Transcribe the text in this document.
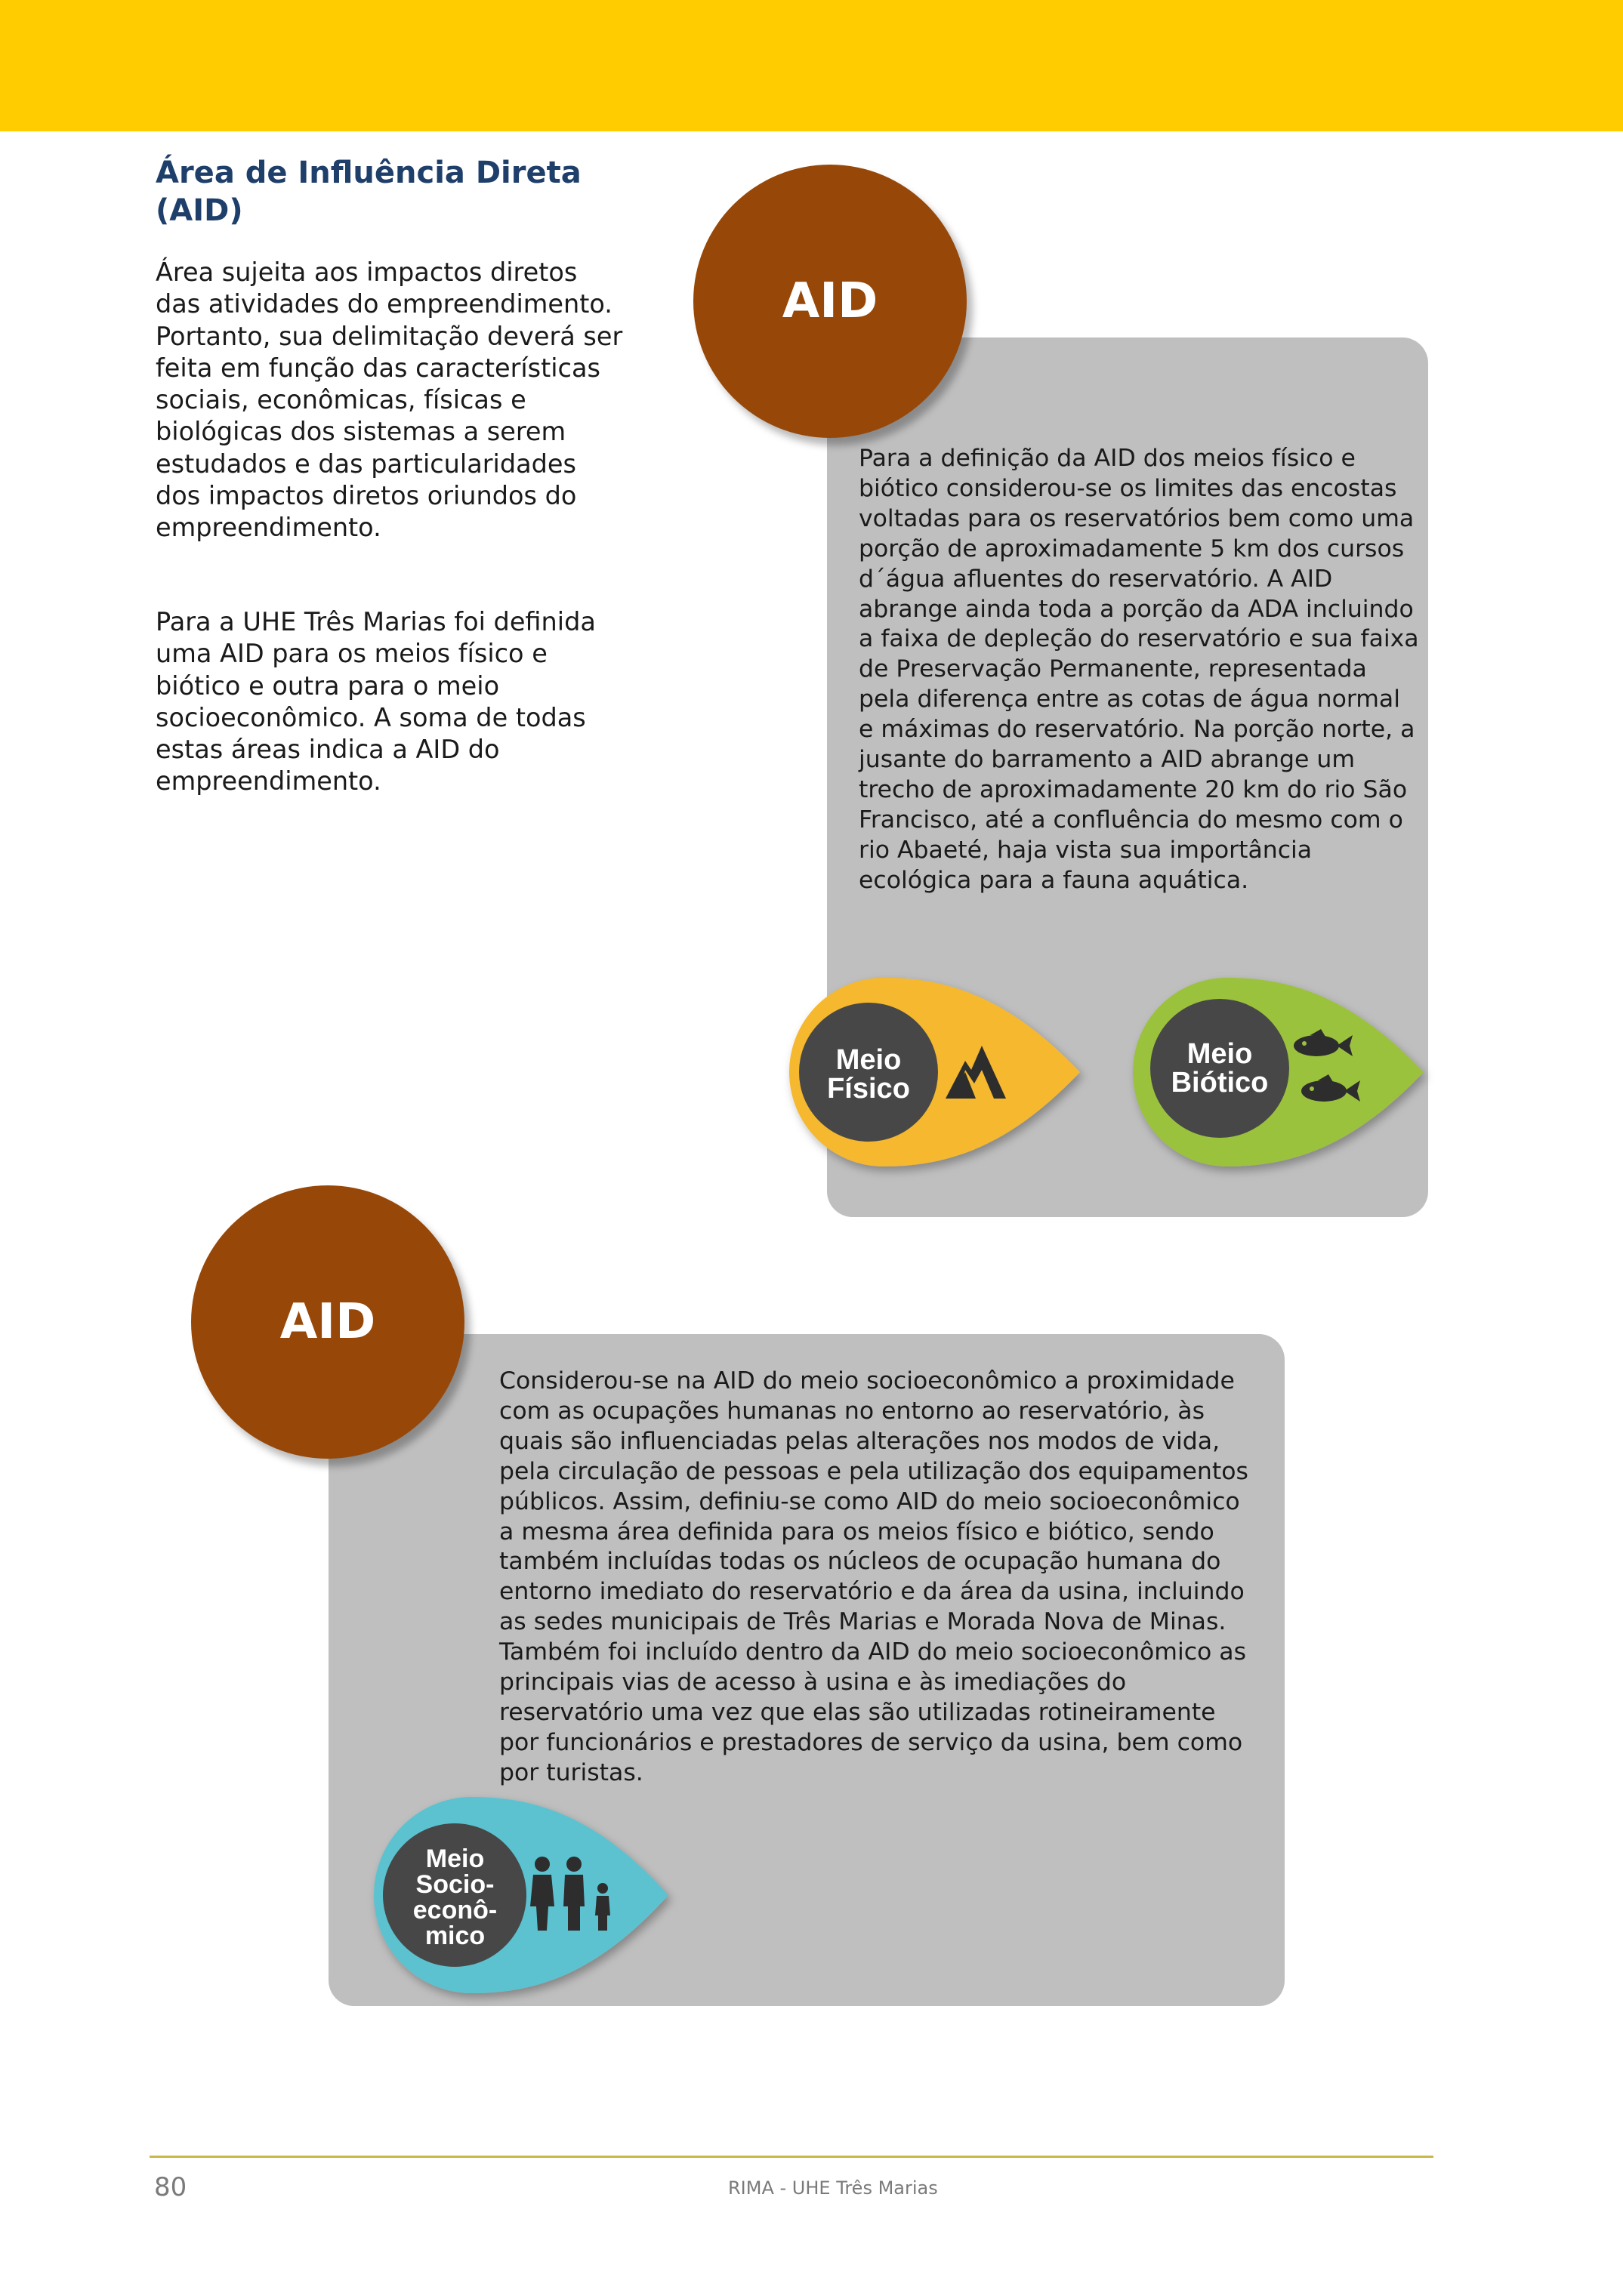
Área de Influência Direta (AID)

Área sujeita aos impactos diretos das atividades do empreendimento. Portanto, sua delimitação deverá ser feita em função das características sociais, econômicas, físicas e biológicas dos sistemas a serem estudados e das particularidades dos impactos diretos oriundos do empreendimento.

Para a UHE Três Marias foi definida uma AID para os meios físico e biótico e outra para o meio socioeconômico. A soma de todas estas áreas indica a AID do empreendimento.

AID

Para a definição da AID dos meios físico e biótico considerou-se os limites das encostas voltadas para os reservatórios bem como uma porção de aproximadamente 5 km dos cursos d´água afluentes do reservatório. A AID abrange ainda toda a porção da ADA incluindo a faixa de depleção do reservatório e sua faixa de Preservação Permanente, representada pela diferença entre as cotas de água normal e máximas do reservatório. Na porção norte, a jusante do barramento a AID abrange um trecho de aproximadamente 20 km do rio São Francisco, até a confluência do mesmo com o rio Abaeté, haja vista sua importância ecológica para a fauna aquática.

Meio
Físico
Meio
Biótico
AID

Considerou-se na AID do meio socioeconômico a proximidade com as ocupações humanas no entorno ao reservatório, às quais são influenciadas pelas alterações nos modos de vida, pela circulação de pessoas e pela utilização dos equipamentos públicos. Assim, definiu-se como AID do meio socioeconômico a mesma área definida para os meios físico e biótico, sendo também incluídas todas os núcleos de ocupação humana do entorno imediato do reservatório e da área da usina, incluindo as sedes municipais de Três Marias e Morada Nova de Minas. Também foi incluído dentro da AID do meio socioeconômico as principais vias de acesso à usina e às imediações do reservatório uma vez que elas são utilizadas rotineiramente por funcionários e prestadores de serviço da usina, bem como por turistas.

Meio
Socio-
econô-
mico
80	RIMA - UHE Três Marias
